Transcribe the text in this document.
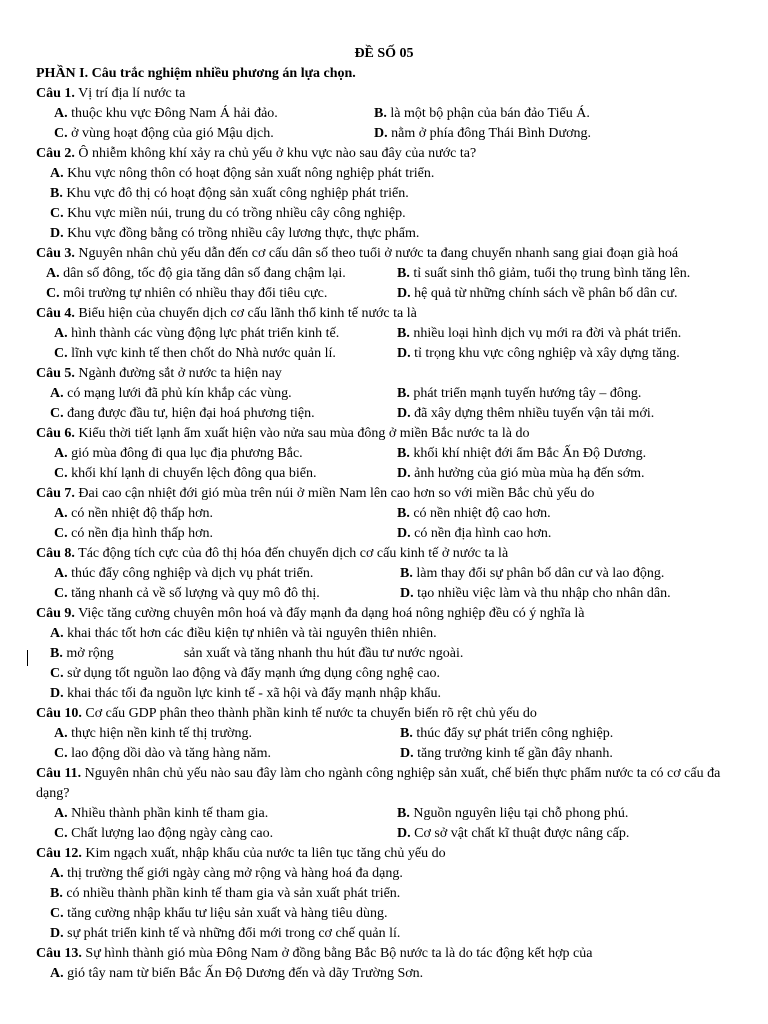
ĐỀ SỐ 05
PHẦN I. Câu trắc nghiệm nhiều phương án lựa chọn.
Câu 1. Vị trí địa lí nước ta
A. thuộc khu vực Đông Nam Á hải đảo.	B. là một bộ phận của bán đảo Tiểu Á.
C. ở vùng hoạt động của gió Mậu dịch.	D. nằm ở phía đông Thái Bình Dương.
Câu 2. Ô nhiễm không khí xảy ra chủ yếu ở khu vực nào sau đây của nước ta?
A. Khu vực nông thôn có hoạt động sản xuất nông nghiệp phát triển.
B. Khu vực đô thị có hoạt động sản xuất công nghiệp phát triển.
C. Khu vực miền núi, trung du có trồng nhiều cây công nghiệp.
D. Khu vực đồng bằng có trồng nhiều cây lương thực, thực phẩm.
Câu 3. Nguyên nhân chủ yếu dẫn đến cơ cấu dân số theo tuổi ở nước ta đang chuyển nhanh sang giai đoạn già hoá
A. dân số đông, tốc độ gia tăng dân số đang chậm lại.	B. tỉ suất sinh thô giảm, tuổi thọ trung bình tăng lên.
C. môi trường tự nhiên có nhiều thay đổi tiêu cực.	D. hệ quả từ những chính sách về phân bố dân cư.
Câu 4. Biểu hiện của chuyển dịch cơ cấu lãnh thổ kinh tế nước ta là
A. hình thành các vùng động lực phát triển kinh tế.	B. nhiều loại hình dịch vụ mới ra đời và phát triển.
C. lĩnh vực kinh tế then chốt do Nhà nước quản lí.	D. tỉ trọng khu vực công nghiệp và xây dựng tăng.
Câu 5. Ngành đường sắt ở nước ta hiện nay
A. có mạng lưới đã phủ kín khắp các vùng.	B. phát triển mạnh tuyến hướng tây – đông.
C. đang được đầu tư, hiện đại hoá phương tiện.	D. đã xây dựng thêm nhiều tuyến vận tải mới.
Câu 6. Kiểu thời tiết lạnh ẩm xuất hiện vào nửa sau mùa đông ở miền Bắc nước ta là do
A. gió mùa đông đi qua lục địa phương Bắc.	B. khối khí nhiệt đới ẩm Bắc Ấn Độ Dương.
C. khối khí lạnh di chuyển lệch đông qua biển.	D. ảnh hưởng của gió mùa mùa hạ đến sớm.
Câu 7. Đai cao cận nhiệt đới gió mùa trên núi ở miền Nam lên cao hơn so với miền Bắc chủ yếu do
A. có nền nhiệt độ thấp hơn.	B. có nền nhiệt độ cao hơn.
C. có nền địa hình thấp hơn.	D. có nền địa hình cao hơn.
Câu 8. Tác động tích cực của đô thị hóa đến chuyển dịch cơ cấu kinh tế ở nước ta là
A. thúc đẩy công nghiệp và dịch vụ phát triển.	B. làm thay đổi sự phân bố dân cư và lao động.
C. tăng nhanh cả về số lượng và quy mô đô thị.	D. tạo nhiều việc làm và thu nhập cho nhân dân.
Câu 9. Việc tăng cường chuyên môn hoá và đẩy mạnh đa dạng hoá nông nghiệp đều có ý nghĩa là
A. khai thác tốt hơn các điều kiện tự nhiên và tài nguyên thiên nhiên.
B. mở rộng	sản xuất và tăng nhanh thu hút đầu tư nước ngoài.
C. sử dụng tốt nguồn lao động và đẩy mạnh ứng dụng công nghệ cao.
D. khai thác tối đa nguồn lực kinh tế - xã hội và đẩy mạnh nhập khẩu.
Câu 10. Cơ cấu GDP phân theo thành phần kinh tế nước ta chuyển biến rõ rệt chủ yếu do
A. thực hiện nền kinh tế thị trường.	B. thúc đẩy sự phát triển công nghiệp.
C. lao động dồi dào và tăng hàng năm.	D. tăng trưởng kinh tế gần đây nhanh.
Câu 11. Nguyên nhân chủ yếu nào sau đây làm cho ngành công nghiệp sản xuất, chế biến thực phẩm nước ta có cơ cấu đa dạng?
A. Nhiều thành phần kinh tế tham gia.	B. Nguồn nguyên liệu tại chỗ phong phú.
C. Chất lượng lao động ngày càng cao.	D. Cơ sở vật chất kĩ thuật được nâng cấp.
Câu 12. Kim ngạch xuất, nhập khẩu của nước ta liên tục tăng chủ yếu do
A. thị trường thế giới ngày càng mở rộng và hàng hoá đa dạng.
B. có nhiều thành phần kinh tế tham gia và sản xuất phát triển.
C. tăng cường nhập khẩu tư liệu sản xuất và hàng tiêu dùng.
D. sự phát triển kinh tế và những đổi mới trong cơ chế quản lí.
Câu 13. Sự hình thành gió mùa Đông Nam ở đồng bằng Bắc Bộ nước ta là do tác động kết hợp của
A. gió tây nam từ biển Bắc Ấn Độ Dương đến và dãy Trường Sơn.
